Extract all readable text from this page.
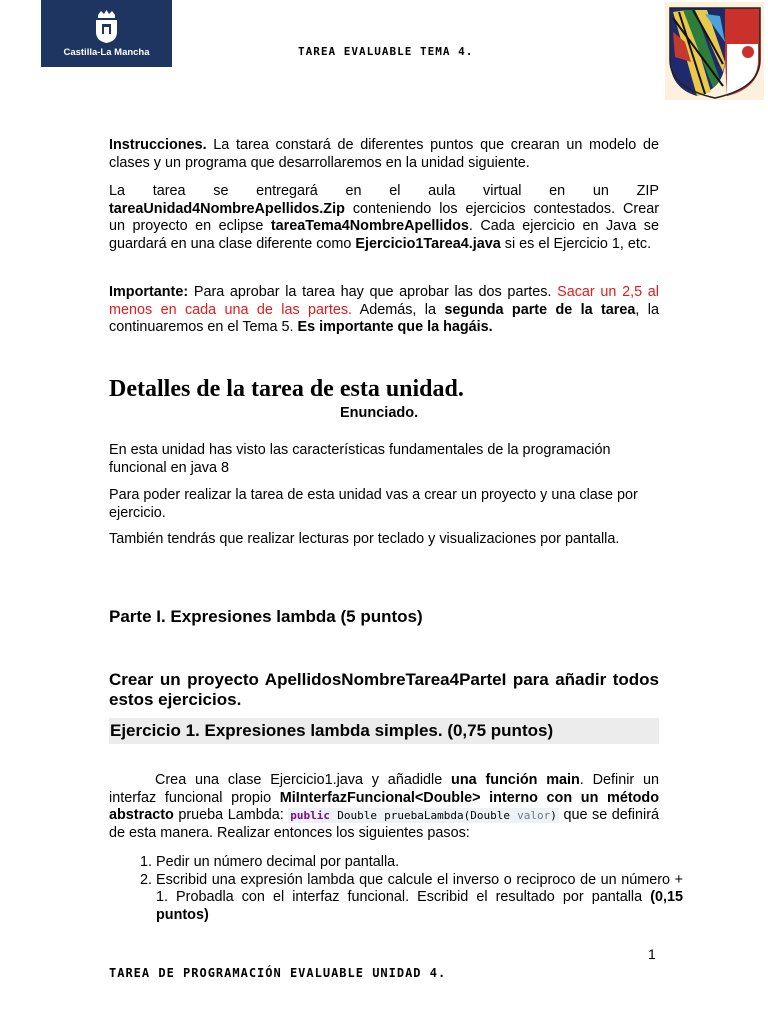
Castilla-La Mancha	TAREA EVALUABLE TEMA 4.

Instrucciones. La tarea constará de diferentes puntos que crearan un modelo de clases y un programa que desarrollaremos en la unidad siguiente.

La tarea se entregará en el aula virtual en un ZIP tareaUnidad4NombreApellidos.Zip conteniendo los ejercicios contestados. Crear un proyecto en eclipse tareaTema4NombreApellidos. Cada ejercicio en Java se guardará en una clase diferente como Ejercicio1Tarea4.java si es el Ejercicio 1, etc.

Importante: Para aprobar la tarea hay que aprobar las dos partes. Sacar un 2,5 al menos en cada una de las partes. Además, la segunda parte de la tarea, la continuaremos en el Tema 5. Es importante que la hagáis.

Detalles de la tarea de esta unidad.
Enunciado.

En esta unidad has visto las características fundamentales de la programación funcional en java 8

Para poder realizar la tarea de esta unidad vas a crear un proyecto y una clase por ejercicio.

También tendrás que realizar lecturas por teclado y visualizaciones por pantalla.

Parte I. Expresiones lambda (5 puntos)
Crear un proyecto ApellidosNombreTarea4ParteI para añadir todos estos ejercicios.
Ejercicio 1. Expresiones lambda simples. (0,75 puntos)

Crea una clase Ejercicio1.java y añadidle una función main. Definir un interfaz funcional propio MiInterfazFuncional<Double> interno con un método abstracto prueba Lambda: public Double pruebaLambda(Double valor) que se definirá de esta manera. Realizar entonces los siguientes pasos:

1. Pedir un número decimal por pantalla.
2. Escribid una expresión lambda que calcule el inverso o reciproco de un número + 1. Probadla con el interfaz funcional. Escribid el resultado por pantalla (0,15 puntos)
1
TAREA DE PROGRAMACIÓN EVALUABLE UNIDAD 4.
